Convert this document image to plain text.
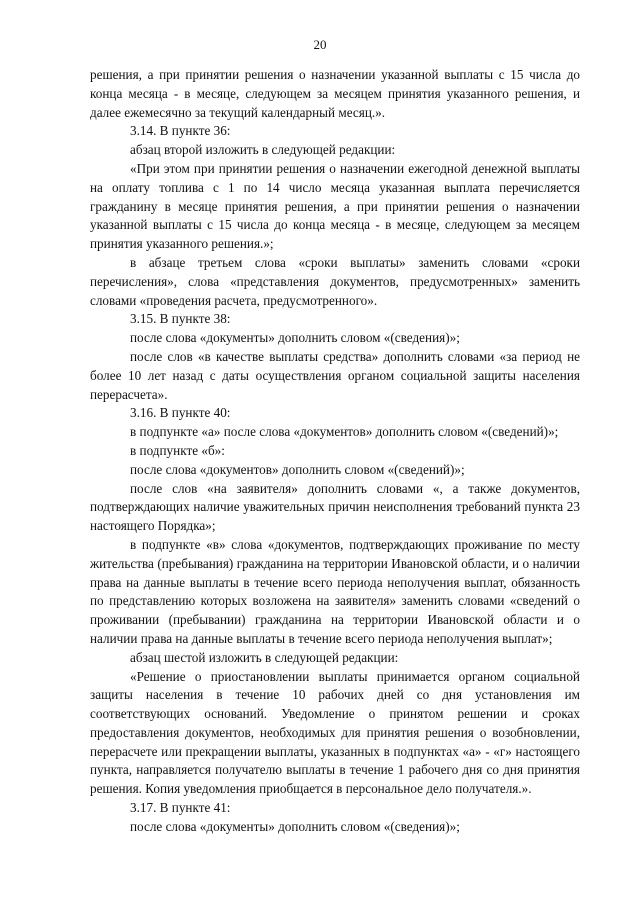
20

решения, а при принятии решения о назначении указанной выплаты с 15 числа до конца месяца - в месяце, следующем за месяцем принятия указанного решения, и далее ежемесячно за текущий календарный месяц.».

3.14. В пункте 36:

абзац второй изложить в следующей редакции:

«При этом при принятии решения о назначении ежегодной денежной выплаты на оплату топлива с 1 по 14 число месяца указанная выплата перечисляется гражданину в месяце принятия решения, а при принятии решения о назначении указанной выплаты с 15 числа до конца месяца - в месяце, следующем за месяцем принятия указанного решения.»;

в абзаце третьем слова «сроки выплаты» заменить словами «сроки перечисления», слова «представления документов, предусмотренных» заменить словами «проведения расчета, предусмотренного».

3.15. В пункте 38:

после слова «документы» дополнить словом «(сведения)»;

после слов «в качестве выплаты средства» дополнить словами «за период не более 10 лет назад с даты осуществления органом социальной защиты населения перерасчета».

3.16. В пункте 40:

в подпункте «а» после слова «документов» дополнить словом «(сведений)»;

в подпункте «б»:

после слова «документов» дополнить словом «(сведений)»;

после слов «на заявителя» дополнить словами «, а также документов, подтверждающих наличие уважительных причин неисполнения требований пункта 23 настоящего Порядка»;

в подпункте «в» слова «документов, подтверждающих проживание по месту жительства (пребывания) гражданина на территории Ивановской области, и о наличии права на данные выплаты в течение всего периода неполучения выплат, обязанность по представлению которых возложена на заявителя» заменить словами «сведений о проживании (пребывании) гражданина на территории Ивановской области и о наличии права на данные выплаты в течение всего периода неполучения выплат»;

абзац шестой изложить в следующей редакции:

«Решение о приостановлении выплаты принимается органом социальной защиты населения в течение 10 рабочих дней со дня установления им соответствующих оснований. Уведомление о принятом решении и сроках предоставления документов, необходимых для принятия решения о возобновлении, перерасчете или прекращении выплаты, указанных в подпунктах «а» - «г» настоящего пункта, направляется получателю выплаты в течение 1 рабочего дня со дня принятия решения. Копия уведомления приобщается в персональное дело получателя.».

3.17. В пункте 41:

после слова «документы» дополнить словом «(сведения)»;
